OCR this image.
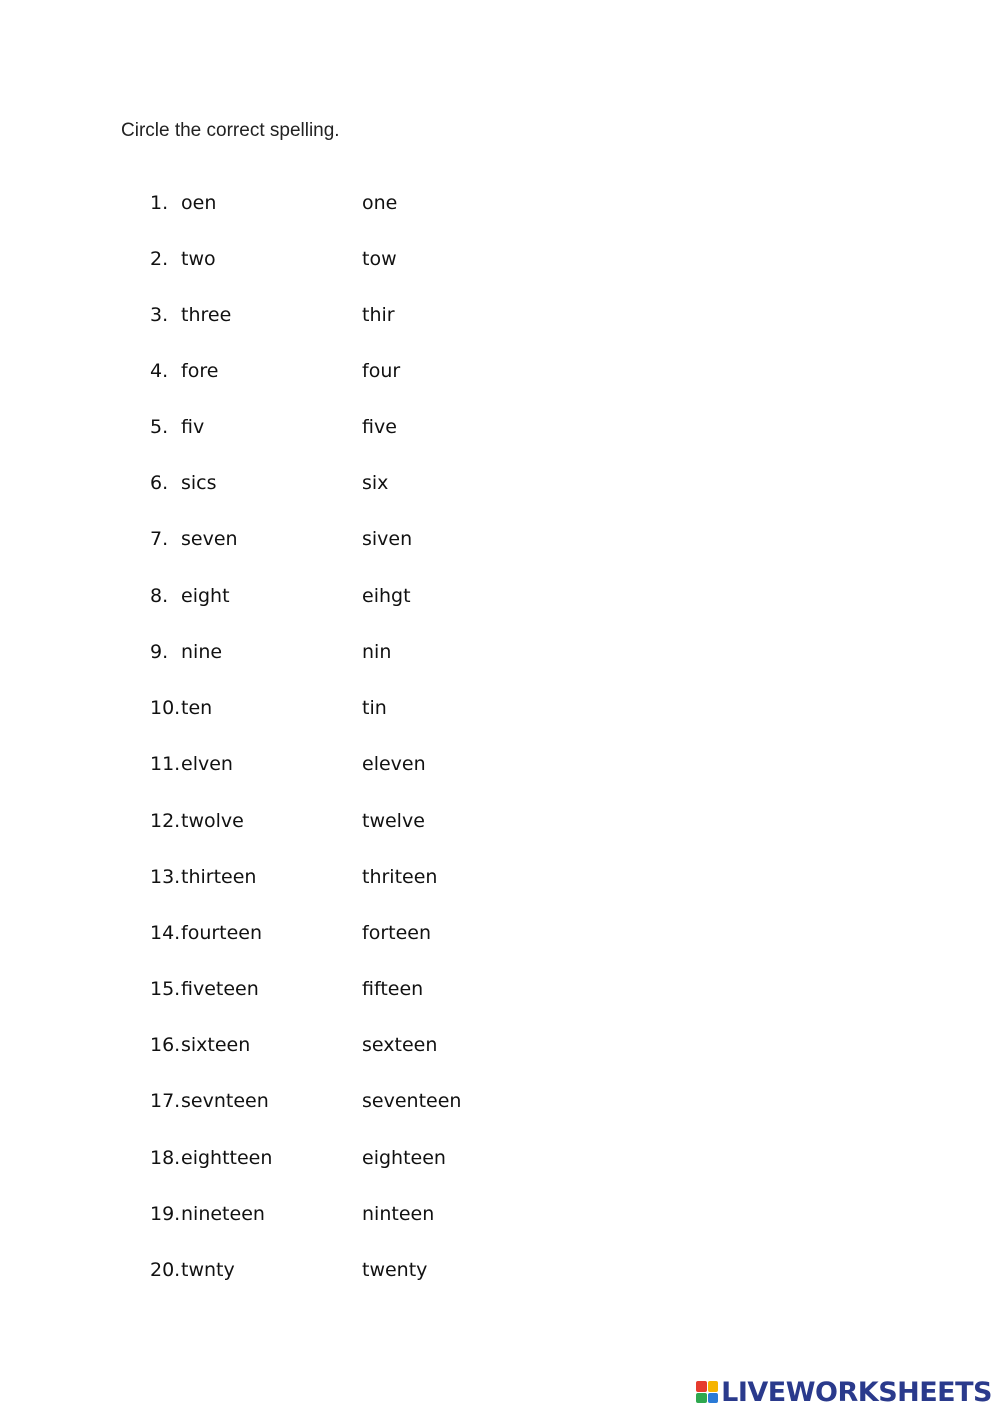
Circle the correct spelling.
1. oen	one
2. two	tow
3. three	thir
4. fore	four
5. fiv	five
6. sics	six
7. seven	siven
8. eight	eihgt
9. nine	nin
10. ten	tin
11. elven	eleven
12. twolve	twelve
13. thirteen	thriteen
14. fourteen	forteen
15. fiveteen	fifteen
16. sixteen	sexteen
17. sevnteen	seventeen
18. eightteen	eighteen
19. nineteen	ninteen
20. twnty	twenty
LIVEWORKSHEETS
